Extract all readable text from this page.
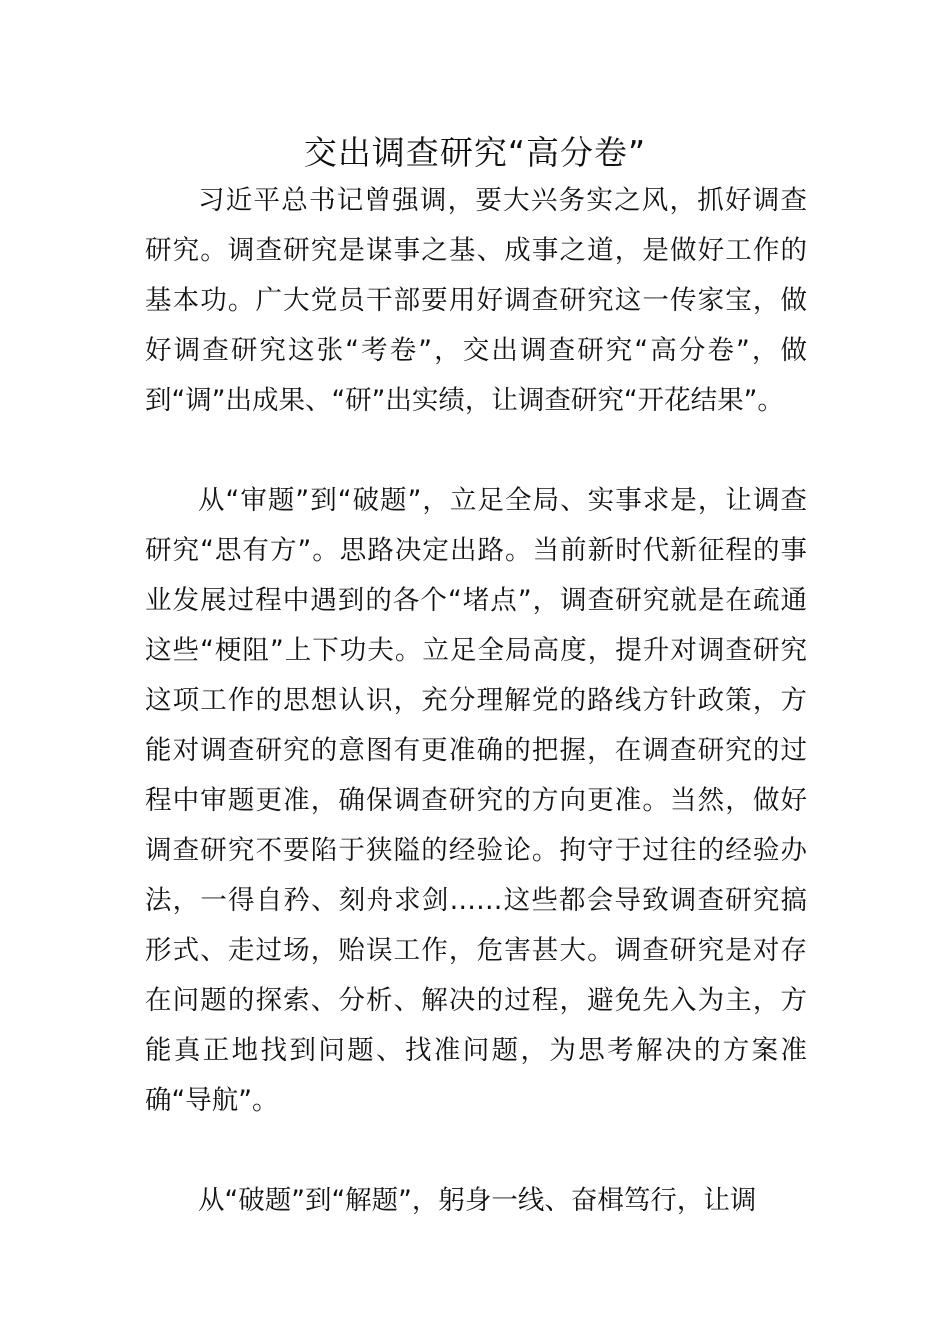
交出调查研究“高分卷”

习近平总书记曾强调，要大兴务实之风，抓好调查研究。调查研究是谋事之基、成事之道，是做好工作的基本功。广大党员干部要用好调查研究这一传家宝，做好调查研究这张“考卷”，交出调查研究“高分卷”，做到“调”出成果、“研”出实绩，让调查研究“开花结果”。

从“审题”到“破题”，立足全局、实事求是，让调查研究“思有方”。思路决定出路。当前新时代新征程的事业发展过程中遇到的各个“堵点”，调查研究就是在疏通这些“梗阻”上下功夫。立足全局高度，提升对调查研究这项工作的思想认识，充分理解党的路线方针政策，方能对调查研究的意图有更准确的把握，在调查研究的过程中审题更准，确保调查研究的方向更准。当然，做好调查研究不要陷于狭隘的经验论。拘守于过往的经验办法，一得自矜、刻舟求剑……这些都会导致调查研究搞形式、走过场，贻误工作，危害甚大。调查研究是对存在问题的探索、分析、解决的过程，避免先入为主，方能真正地找到问题、找准问题，为思考解决的方案准确“导航”。

从“破题”到“解题”，躬身一线、奋楫笃行，让调
